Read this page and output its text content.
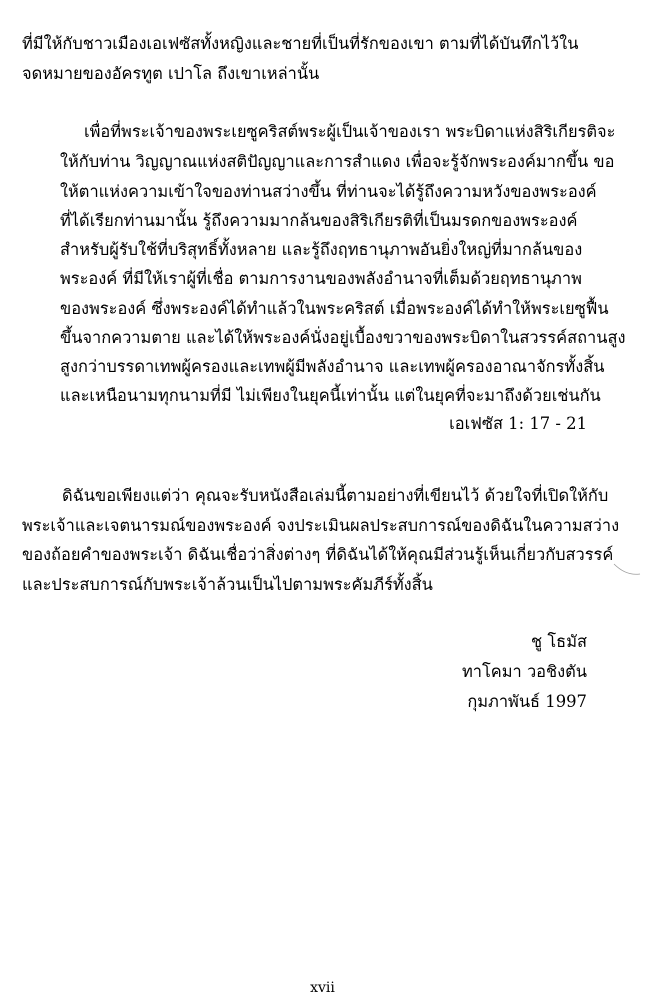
ที่มีให้กับชาวเมืองเอเฟซัสทั้งหญิงและชายที่เป็นที่รักของเขา ตามที่ได้บันทึกไว้ใน
จดหมายของอัครทูต เปาโล ถึงเขาเหล่านั้น
เพื่อที่พระเจ้าของพระเยซูคริสต์พระผู้เป็นเจ้าของเรา พระบิดาแห่งสิริเกียรติจะ
ให้กับท่าน วิญญาณแห่งสติปัญญาและการสำแดง เพื่อจะรู้จักพระองค์มากขึ้น ขอ
ให้ตาแห่งความเข้าใจของท่านสว่างขึ้น ที่ท่านจะได้รู้ถึงความหวังของพระองค์
ที่ได้เรียกท่านมานั้น รู้ถึงความมากล้นของสิริเกียรติที่เป็นมรดกของพระองค์
สำหรับผู้รับใช้ที่บริสุทธิ์ทั้งหลาย และรู้ถึงฤทธานุภาพอันยิ่งใหญ่ที่มากล้นของ
พระองค์ ที่มีให้เราผู้ที่เชื่อ ตามการงานของพลังอำนาจที่เต็มด้วยฤทธานุภาพ
ของพระองค์ ซึ่งพระองค์ได้ทำแล้วในพระคริสต์ เมื่อพระองค์ได้ทำให้พระเยซูฟื้น
ขึ้นจากความตาย และได้ให้พระองค์นั่งอยู่เบื้องขวาของพระบิดาในสวรรค์สถานสูง
สูงกว่าบรรดาเทพผู้ครองและเทพผู้มีพลังอำนาจ และเทพผู้ครองอาณาจักรทั้งสิ้น
และเหนือนามทุกนามที่มี ไม่เพียงในยุคนี้เท่านั้น แต่ในยุคที่จะมาถึงด้วยเช่นกัน
เอเฟซัส 1: 17 - 21
ดิฉันขอเพียงแต่ว่า คุณจะรับหนังสือเล่มนี้ตามอย่างที่เขียนไว้ ด้วยใจที่เปิดให้กับ
พระเจ้าและเจตนารมณ์ของพระองค์ จงประเมินผลประสบการณ์ของดิฉันในความสว่าง
ของถ้อยคำของพระเจ้า ดิฉันเชื่อว่าสิ่งต่างๆ ที่ดิฉันได้ให้คุณมีส่วนรู้เห็นเกี่ยวกับสวรรค์
และประสบการณ์กับพระเจ้าล้วนเป็นไปตามพระคัมภีร์ทั้งสิ้น
ชู โธมัส
ทาโคมา วอชิงตัน
กุมภาพันธ์ 1997
xvii
